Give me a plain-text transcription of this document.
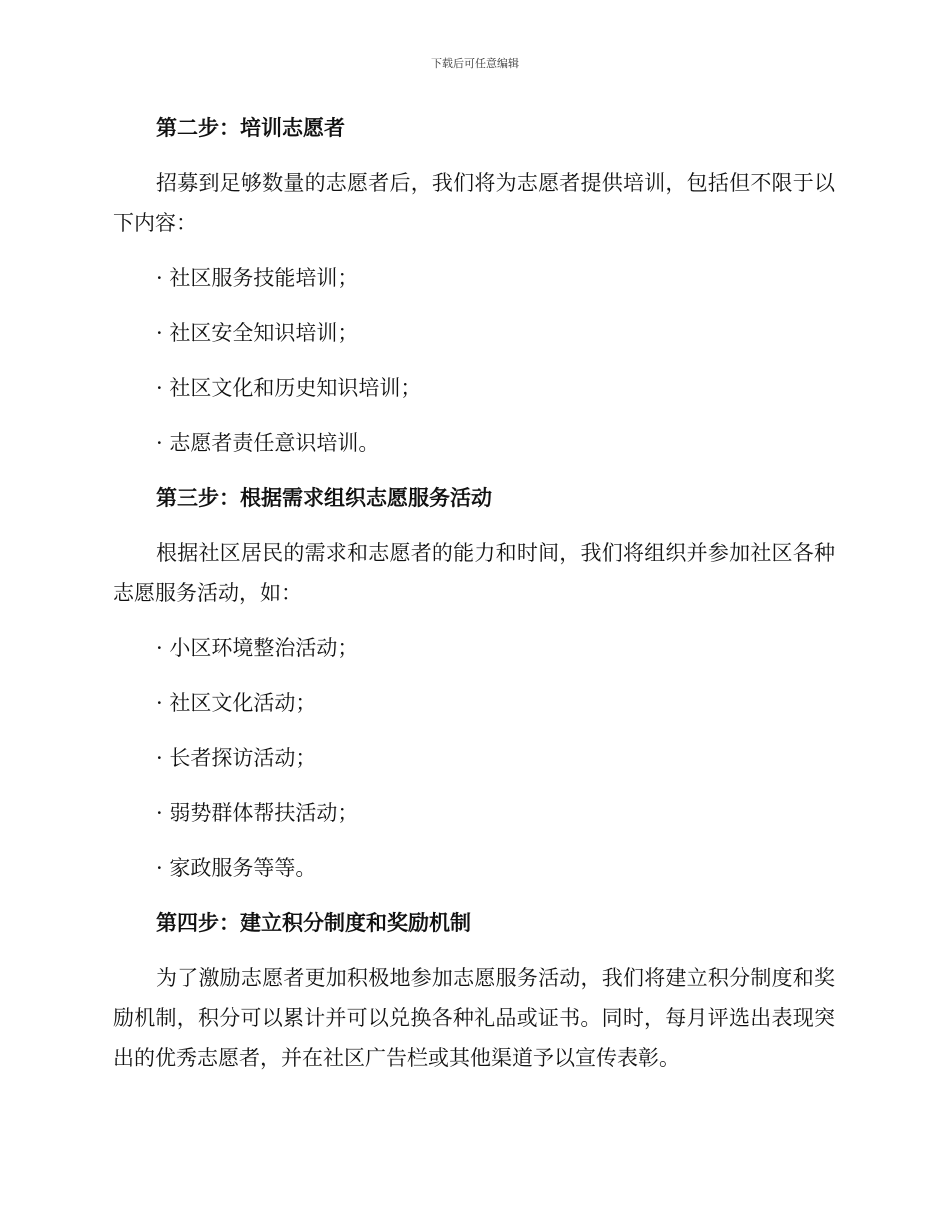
下载后可任意编辑
第二步：培训志愿者
招募到足够数量的志愿者后，我们将为志愿者提供培训，包括但不限于以下内容：
· 社区服务技能培训；
· 社区安全知识培训；
· 社区文化和历史知识培训；
· 志愿者责任意识培训。
第三步：根据需求组织志愿服务活动
根据社区居民的需求和志愿者的能力和时间，我们将组织并参加社区各种志愿服务活动，如：
· 小区环境整治活动；
· 社区文化活动；
· 长者探访活动；
· 弱势群体帮扶活动；
· 家政服务等等。
第四步：建立积分制度和奖励机制
为了激励志愿者更加积极地参加志愿服务活动，我们将建立积分制度和奖励机制，积分可以累计并可以兑换各种礼品或证书。同时，每月评选出表现突出的优秀志愿者，并在社区广告栏或其他渠道予以宣传表彰。
